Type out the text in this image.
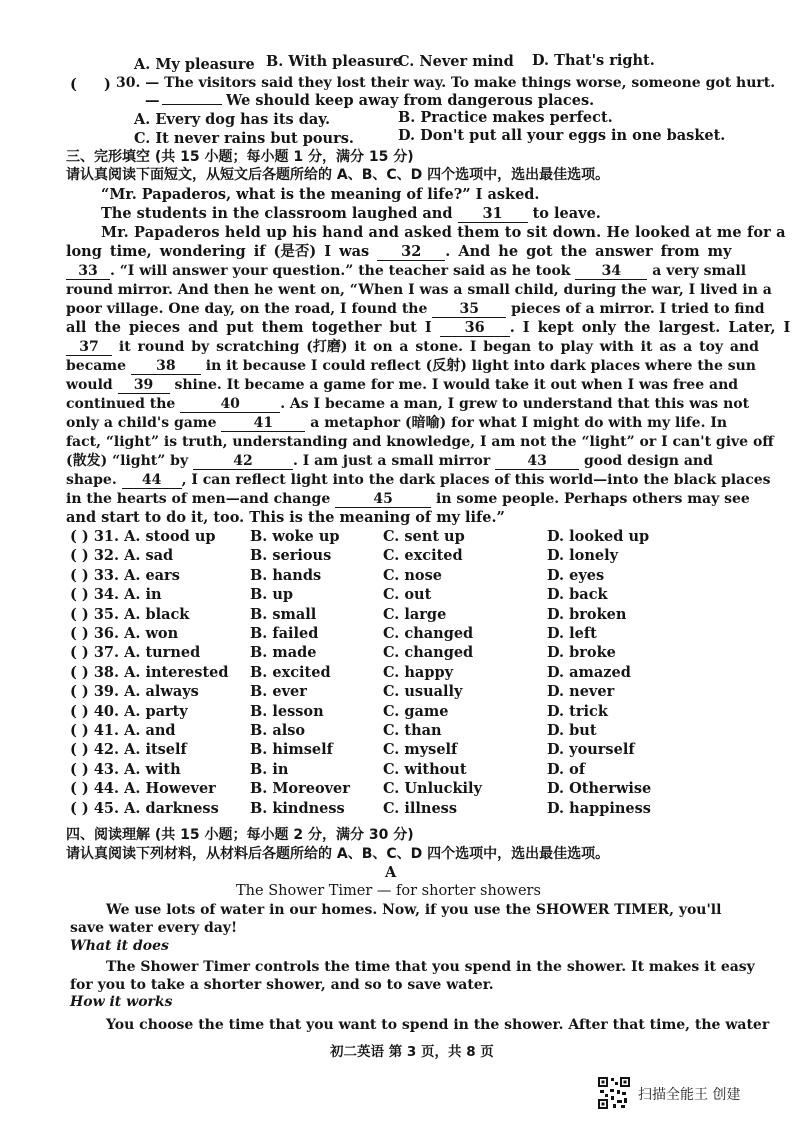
A. My pleasure B. With pleasure
C. Never mind D. That's right.
( ) 30. — The visitors said they lost their way. To make things worse, someone got hurt.
—	We should keep away from dangerous places.
A. Every dog has its day.	B. Practice makes perfect.
C. It never rains but pours.	D. Don't put all your eggs in one basket.
三、完形填空 (共 15 小题；每小题 1 分，满分 15 分)
请认真阅读下面短文，从短文后各题所给的 A、B、C、D 四个选项中，选出最佳选项。
“Mr. Papaderos, what is the meaning of life?” I asked.
The students in the classroom laughed and 31 to leave.
Mr. Papaderos held up his hand and asked them to sit down. He looked at me for a
long time, wondering if (是否) I was 32 . And he got the answer from my
33 . “I will answer your question.” the teacher said as he took 34 a very small
round mirror. And then he went on, “When I was a small child, during the war, I lived in a
poor village. One day, on the road, I found the 35 pieces of a mirror. I tried to find
all the pieces and put them together but I 36 . I kept only the largest. Later, I
37 it round by scratching (打磨) it on a stone. I began to play with it as a toy and
became 38 in it because I could reflect (反射) light into dark places where the sun
would 39 shine. It became a game for me. I would take it out when I was free and
continued the	40	. As I became a man, I grew to understand that this was not
only a child's game	41	a metaphor (暗喻) for what I might do with my life. In
fact, “light” is truth, understanding and knowledge, I am not the “light” or I can't give off
(散发) “light” by	42	. I am just a small mirror	43	good design and
shape. 44 , I can reflect light into the dark places of this world—into the black places
in the hearts of men—and change	45	in some people. Perhaps others may see
and start to do it, too. This is the meaning of my life.”
( ) 31. A. stood up B. woke up	C. sent up	D. looked up
( ) 32. A. sad	B. serious	C. excited	D. lonely
( ) 33. A. ears	B. hands	C. nose	D. eyes
( ) 34. A. in	B. up	C. out	D. back
( ) 35. A. black	B. small	C. large	D. broken
( ) 36. A. won	B. failed	C. changed	D. left
( ) 37. A. turned	B. made	C. changed	D. broke
( ) 38. A. interested B. excited	C. happy	D. amazed
( ) 39. A. always	B. ever	C. usually	D. never
( ) 40. A. party	B. lesson	C. game	D. trick
( ) 41. A. and	B. also	C. than	D. but
( ) 42. A. itself	B. himself	C. myself	D. yourself
( ) 43. A. with	B. in	C. without	D. of
( ) 44. A. However B. Moreover C. Unluckily	D. Otherwise
( ) 45. A. darkness B. kindness	C. illness	D. happiness
四、阅读理解 (共 15 小题；每小题 2 分，满分 30 分)
请认真阅读下列材料，从材料后各题所给的 A、B、C、D 四个选项中，选出最佳选项。
A
The Shower Timer — for shorter showers
We use lots of water in our homes. Now, if you use the SHOWER TIMER, you'll
save water every day!
What it does
The Shower Timer controls the time that you spend in the shower. It makes it easy
for you to take a shorter shower, and so to save water.
How it works
You choose the time that you want to spend in the shower. After that time, the water
初二英语 第 3 页，共 8 页
扫描全能王 创建
